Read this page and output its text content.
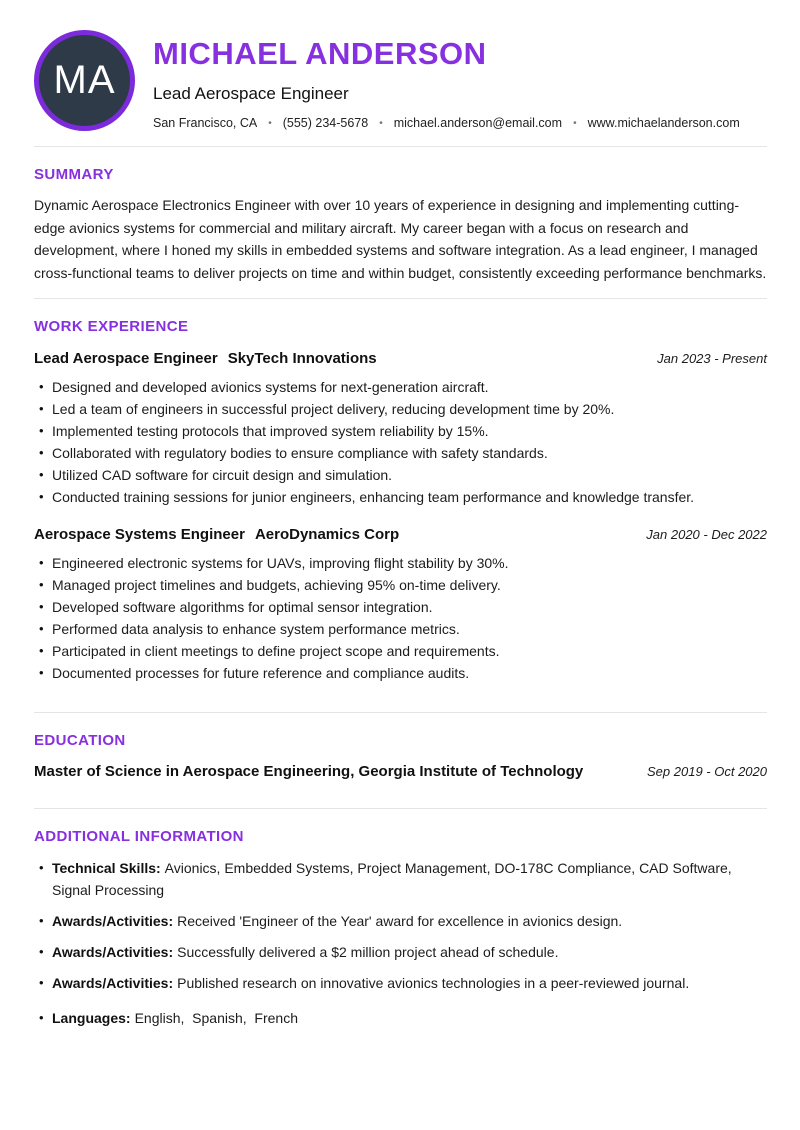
MA
MICHAEL ANDERSON
Lead Aerospace Engineer
San Francisco, CA • (555) 234-5678 • michael.anderson@email.com • www.michaelanderson.com
SUMMARY

Dynamic Aerospace Electronics Engineer with over 10 years of experience in designing and implementing cutting-edge avionics systems for commercial and military aircraft. My career began with a focus on research and development, where I honed my skills in embedded systems and software integration. As a lead engineer, I managed cross-functional teams to deliver projects on time and within budget, consistently exceeding performance benchmarks.

WORK EXPERIENCE
Lead Aerospace Engineer SkyTech Innovations	Jan 2023 - Present
• Designed and developed avionics systems for next-generation aircraft.
• Led a team of engineers in successful project delivery, reducing development time by 20%.
• Implemented testing protocols that improved system reliability by 15%.
• Collaborated with regulatory bodies to ensure compliance with safety standards.
• Utilized CAD software for circuit design and simulation.
• Conducted training sessions for junior engineers, enhancing team performance and knowledge transfer.
Aerospace Systems Engineer AeroDynamics Corp	Jan 2020 - Dec 2022
• Engineered electronic systems for UAVs, improving flight stability by 30%.
• Managed project timelines and budgets, achieving 95% on-time delivery.
• Developed software algorithms for optimal sensor integration.
• Performed data analysis to enhance system performance metrics.
• Participated in client meetings to define project scope and requirements.
• Documented processes for future reference and compliance audits.
EDUCATION
Master of Science in Aerospace Engineering, Georgia Institute of Technology	Sep 2019 - Oct 2020
ADDITIONAL INFORMATION
• Technical Skills: Avionics, Embedded Systems, Project Management, DO-178C Compliance, CAD Software, Signal Processing
• Awards/Activities: Received 'Engineer of the Year' award for excellence in avionics design.
• Awards/Activities: Successfully delivered a $2 million project ahead of schedule.
• Awards/Activities: Published research on innovative avionics technologies in a peer-reviewed journal.
• Languages: English,  Spanish,  French
